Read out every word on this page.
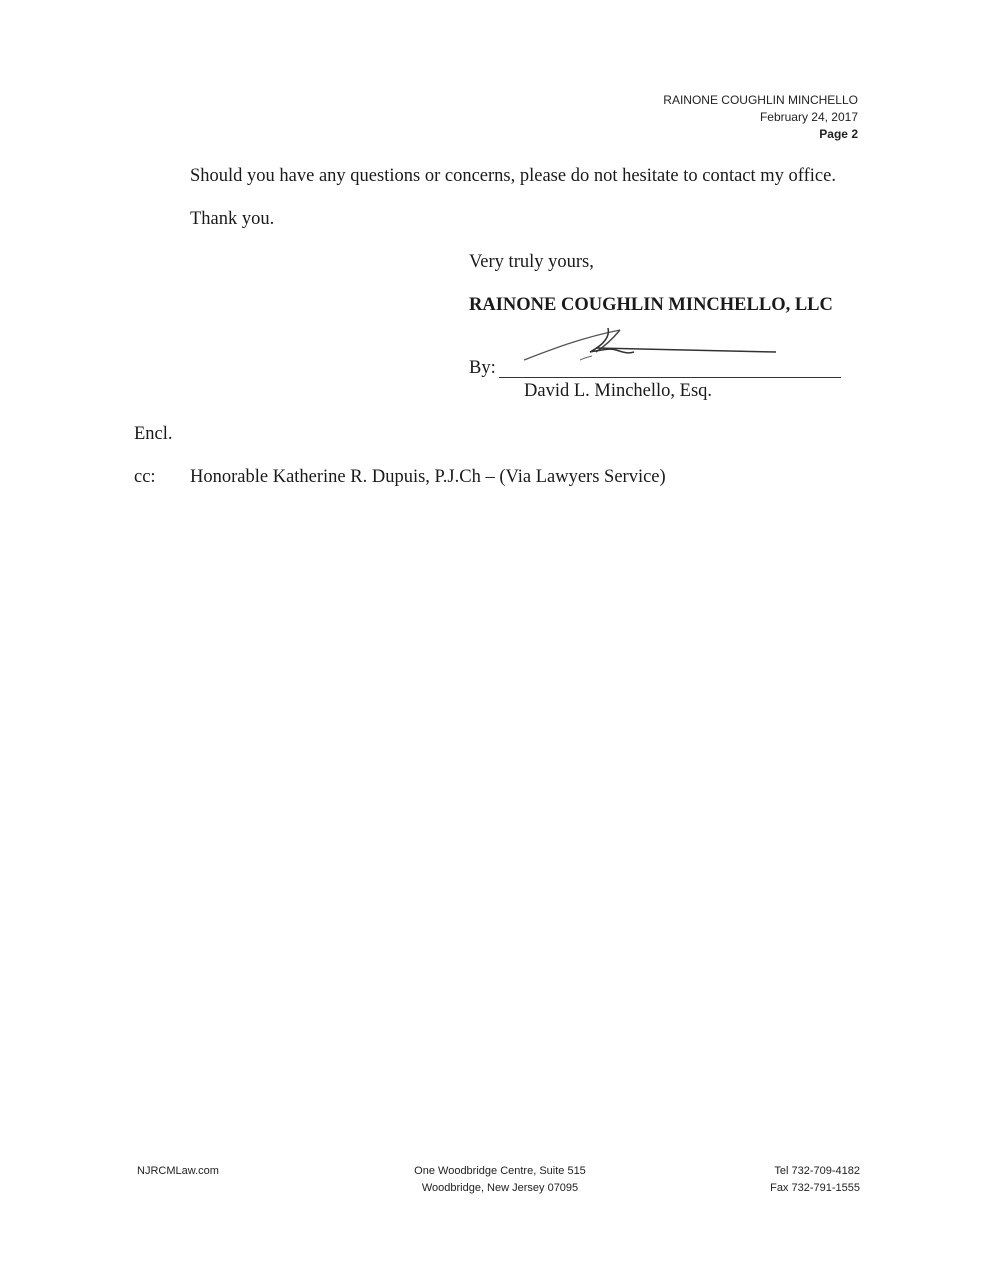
RAINONE COUGHLIN MINCHELLO
February 24, 2017
Page 2
Should you have any questions or concerns, please do not hesitate to contact my office.
Thank you.
Very truly yours,
RAINONE COUGHLIN MINCHELLO, LLC
By:
David L. Minchello, Esq.
Encl.
cc: Honorable Katherine R. Dupuis, P.J.Ch – (Via Lawyers Service)
NJRCMLaw.com	One Woodbridge Centre, Suite 515
Woodbridge, New Jersey 07095
Tel 732-709-4182
Fax 732-791-1555
